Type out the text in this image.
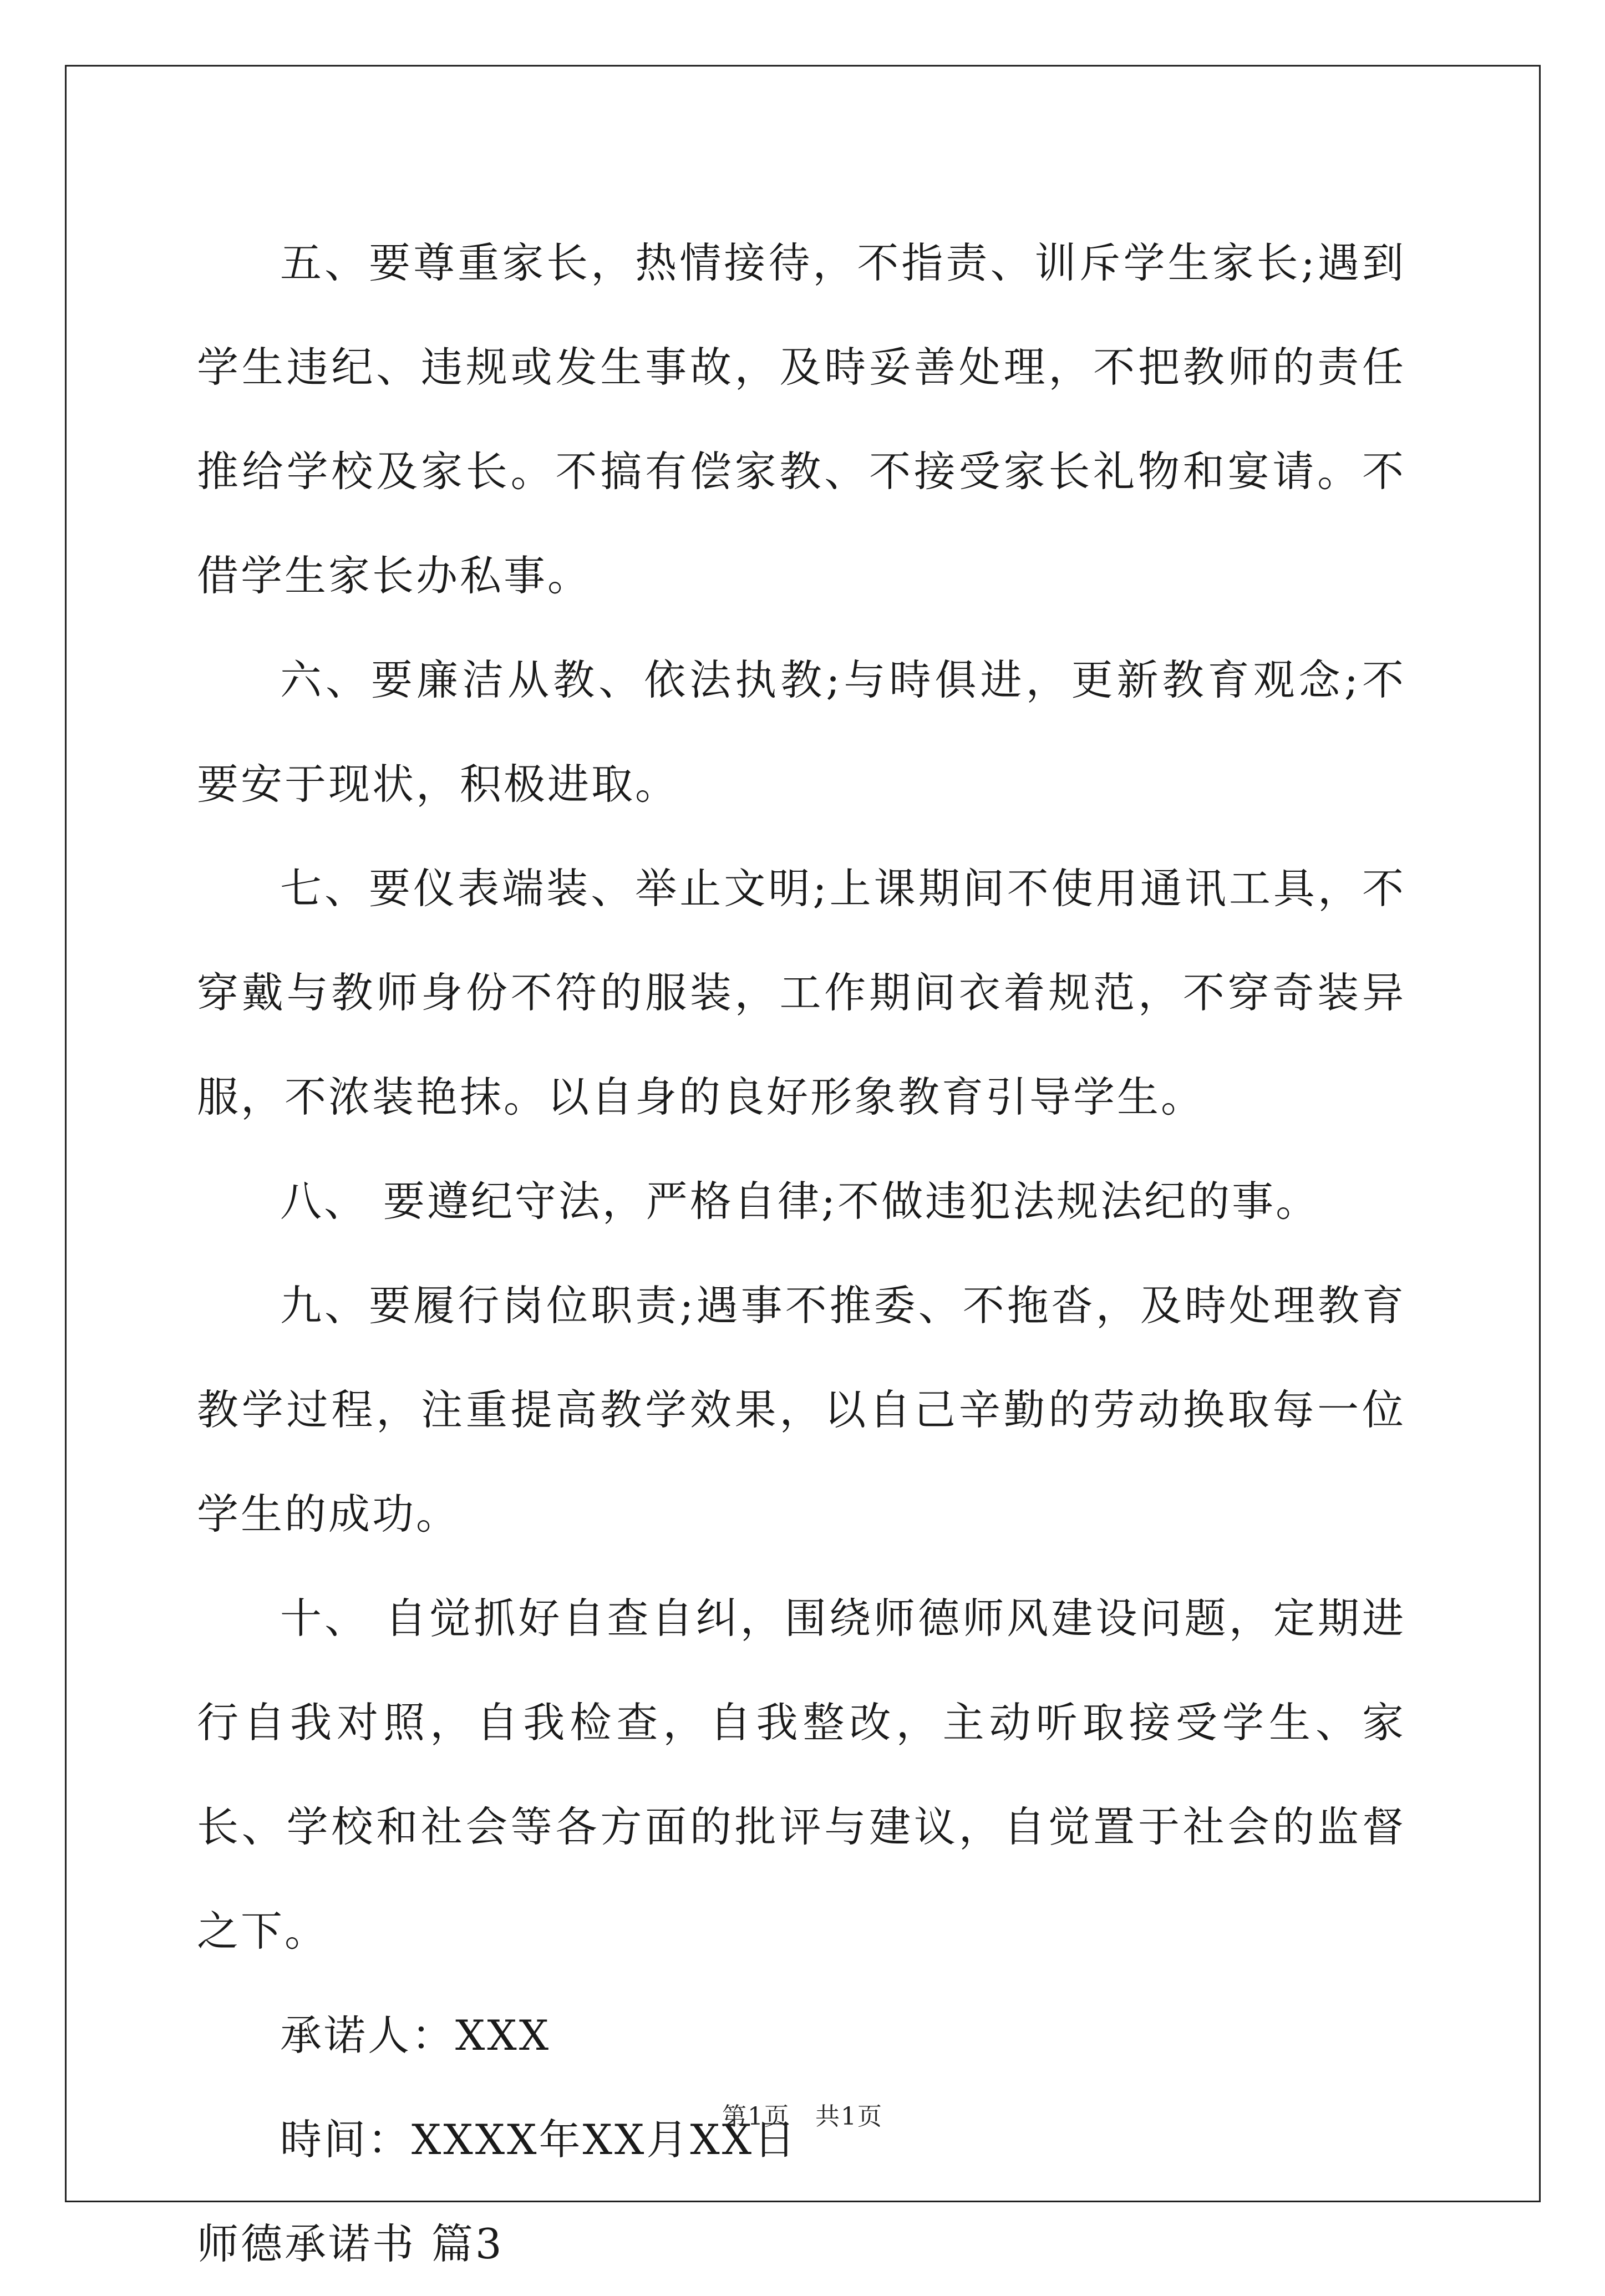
五、要尊重家长，热情接待，不指责、训斥学生家长;遇到学生违纪、违规或发生事故，及時妥善处理，不把教师的责任推给学校及家长。不搞有偿家教、不接受家长礼物和宴请。不借学生家长办私事。

六、要廉洁从教、依法执教;与時俱进，更新教育观念;不要安于现状，积极进取。

七、要仪表端装、举止文明;上课期间不使用通讯工具，不穿戴与教师身份不符的服装，工作期间衣着规范，不穿奇装异服，不浓装艳抹。以自身的良好形象教育引导学生。

八、 要遵纪守法，严格自律;不做违犯法规法纪的事。

九、要履行岗位职责;遇事不推委、不拖沓，及時处理教育教学过程，注重提高教学效果，以自己辛勤的劳动换取每一位学生的成功。

十、 自觉抓好自查自纠，围绕师德师风建设问题，定期进行自我对照，自我检查，自我整改，主动听取接受学生、家长、学校和社会等各方面的批评与建议，自觉置于社会的监督之下。

承诺人：XXX

時间：XXXX年XX月XX日

师德承诺书 篇3

第1页　共1页
